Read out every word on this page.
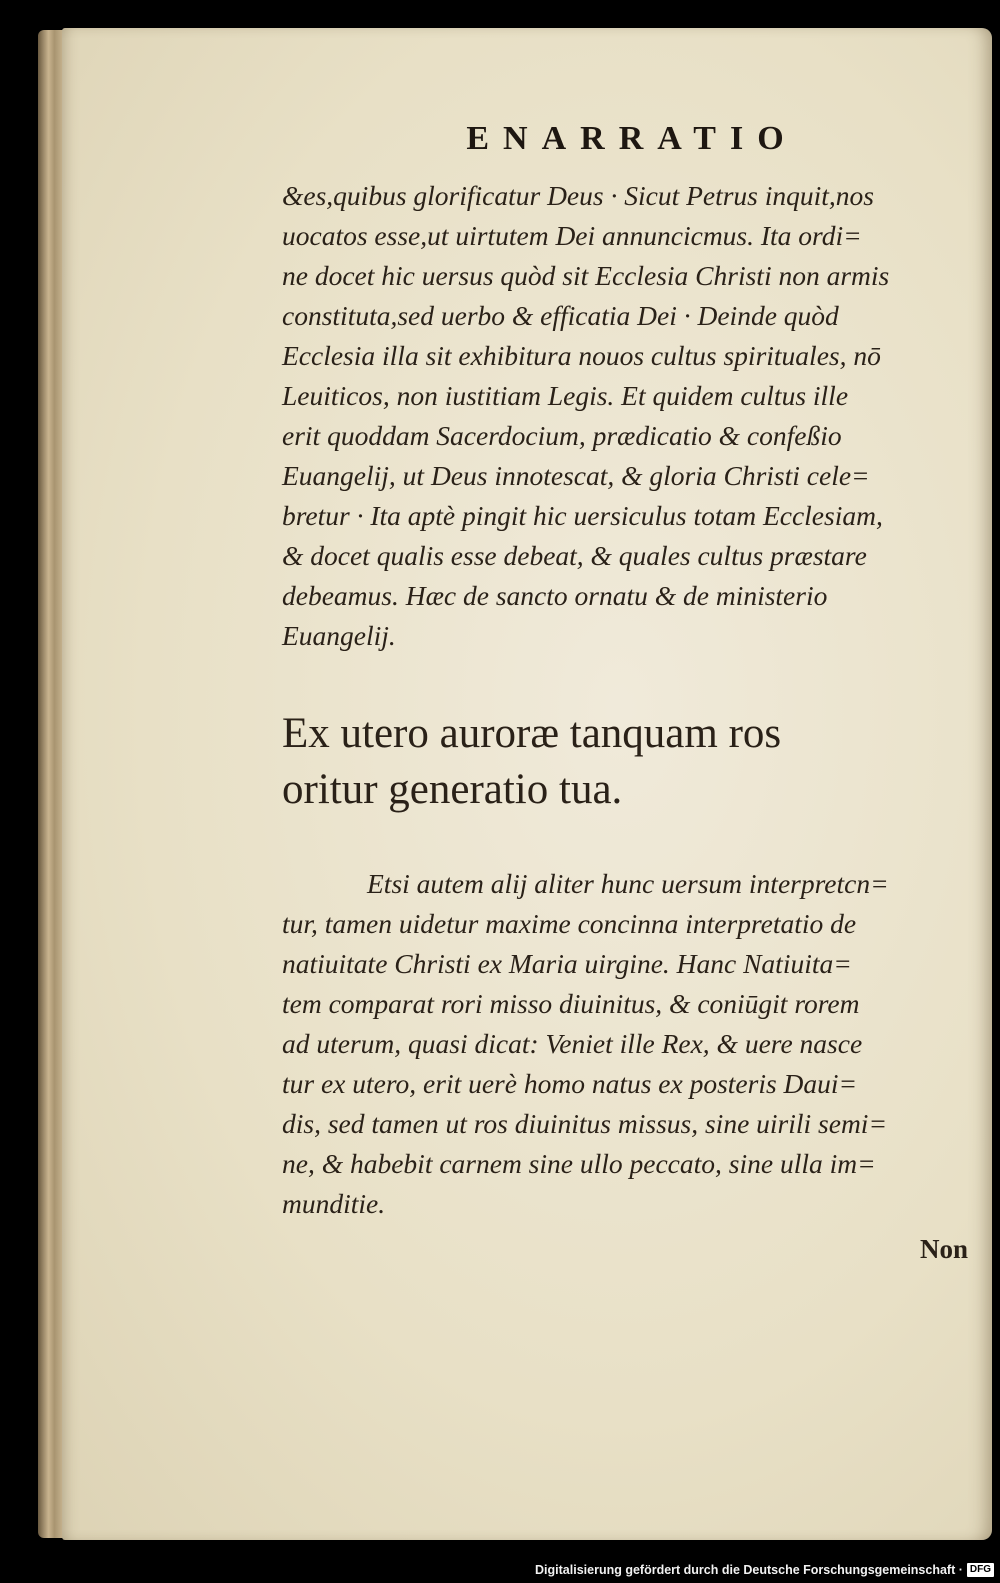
ENARRATIO

&es,quibus glorificatur Deus · Sicut Petrus inquit,nos
uocatos esse,ut uirtutem Dei annuncicmus. Ita ordi=
ne docet hic uersus quòd sit Ecclesia Christi non armis
constituta,sed uerbo & efficatia Dei · Deinde quòd
Ecclesia illa sit exhibitura nouos cultus spirituales, nō
Leuiticos, non iustitiam Legis. Et quidem cultus ille
erit quoddam Sacerdocium, prædicatio & confeßio
Euangelij, ut Deus innotescat, & gloria Christi cele=
bretur · Ita aptè pingit hic uersiculus totam Ecclesiam,
& docet qualis esse debeat, & quales cultus præstare
debeamus. Hæc de sancto ornatu & de ministerio
Euangelij.

Ex utero auroræ tanquam ros
oritur generatio tua.

Etsi autem alij aliter hunc uersum interpretcn=
tur, tamen uidetur maxime concinna interpretatio de
natiuitate Christi ex Maria uirgine. Hanc Natiuita=
tem comparat rori misso diuinitus, & coniūgit rorem
ad uterum, quasi dicat: Veniet ille Rex, & uere nasce
tur ex utero, erit uerè homo natus ex posteris Daui=
dis, sed tamen ut ros diuinitus missus, sine uirili semi=
ne, & habebit carnem sine ullo peccato, sine ulla im=
munditie.

Non
Digitalisierung gefördert durch die Deutsche Forschungsgemeinschaft · DFG
